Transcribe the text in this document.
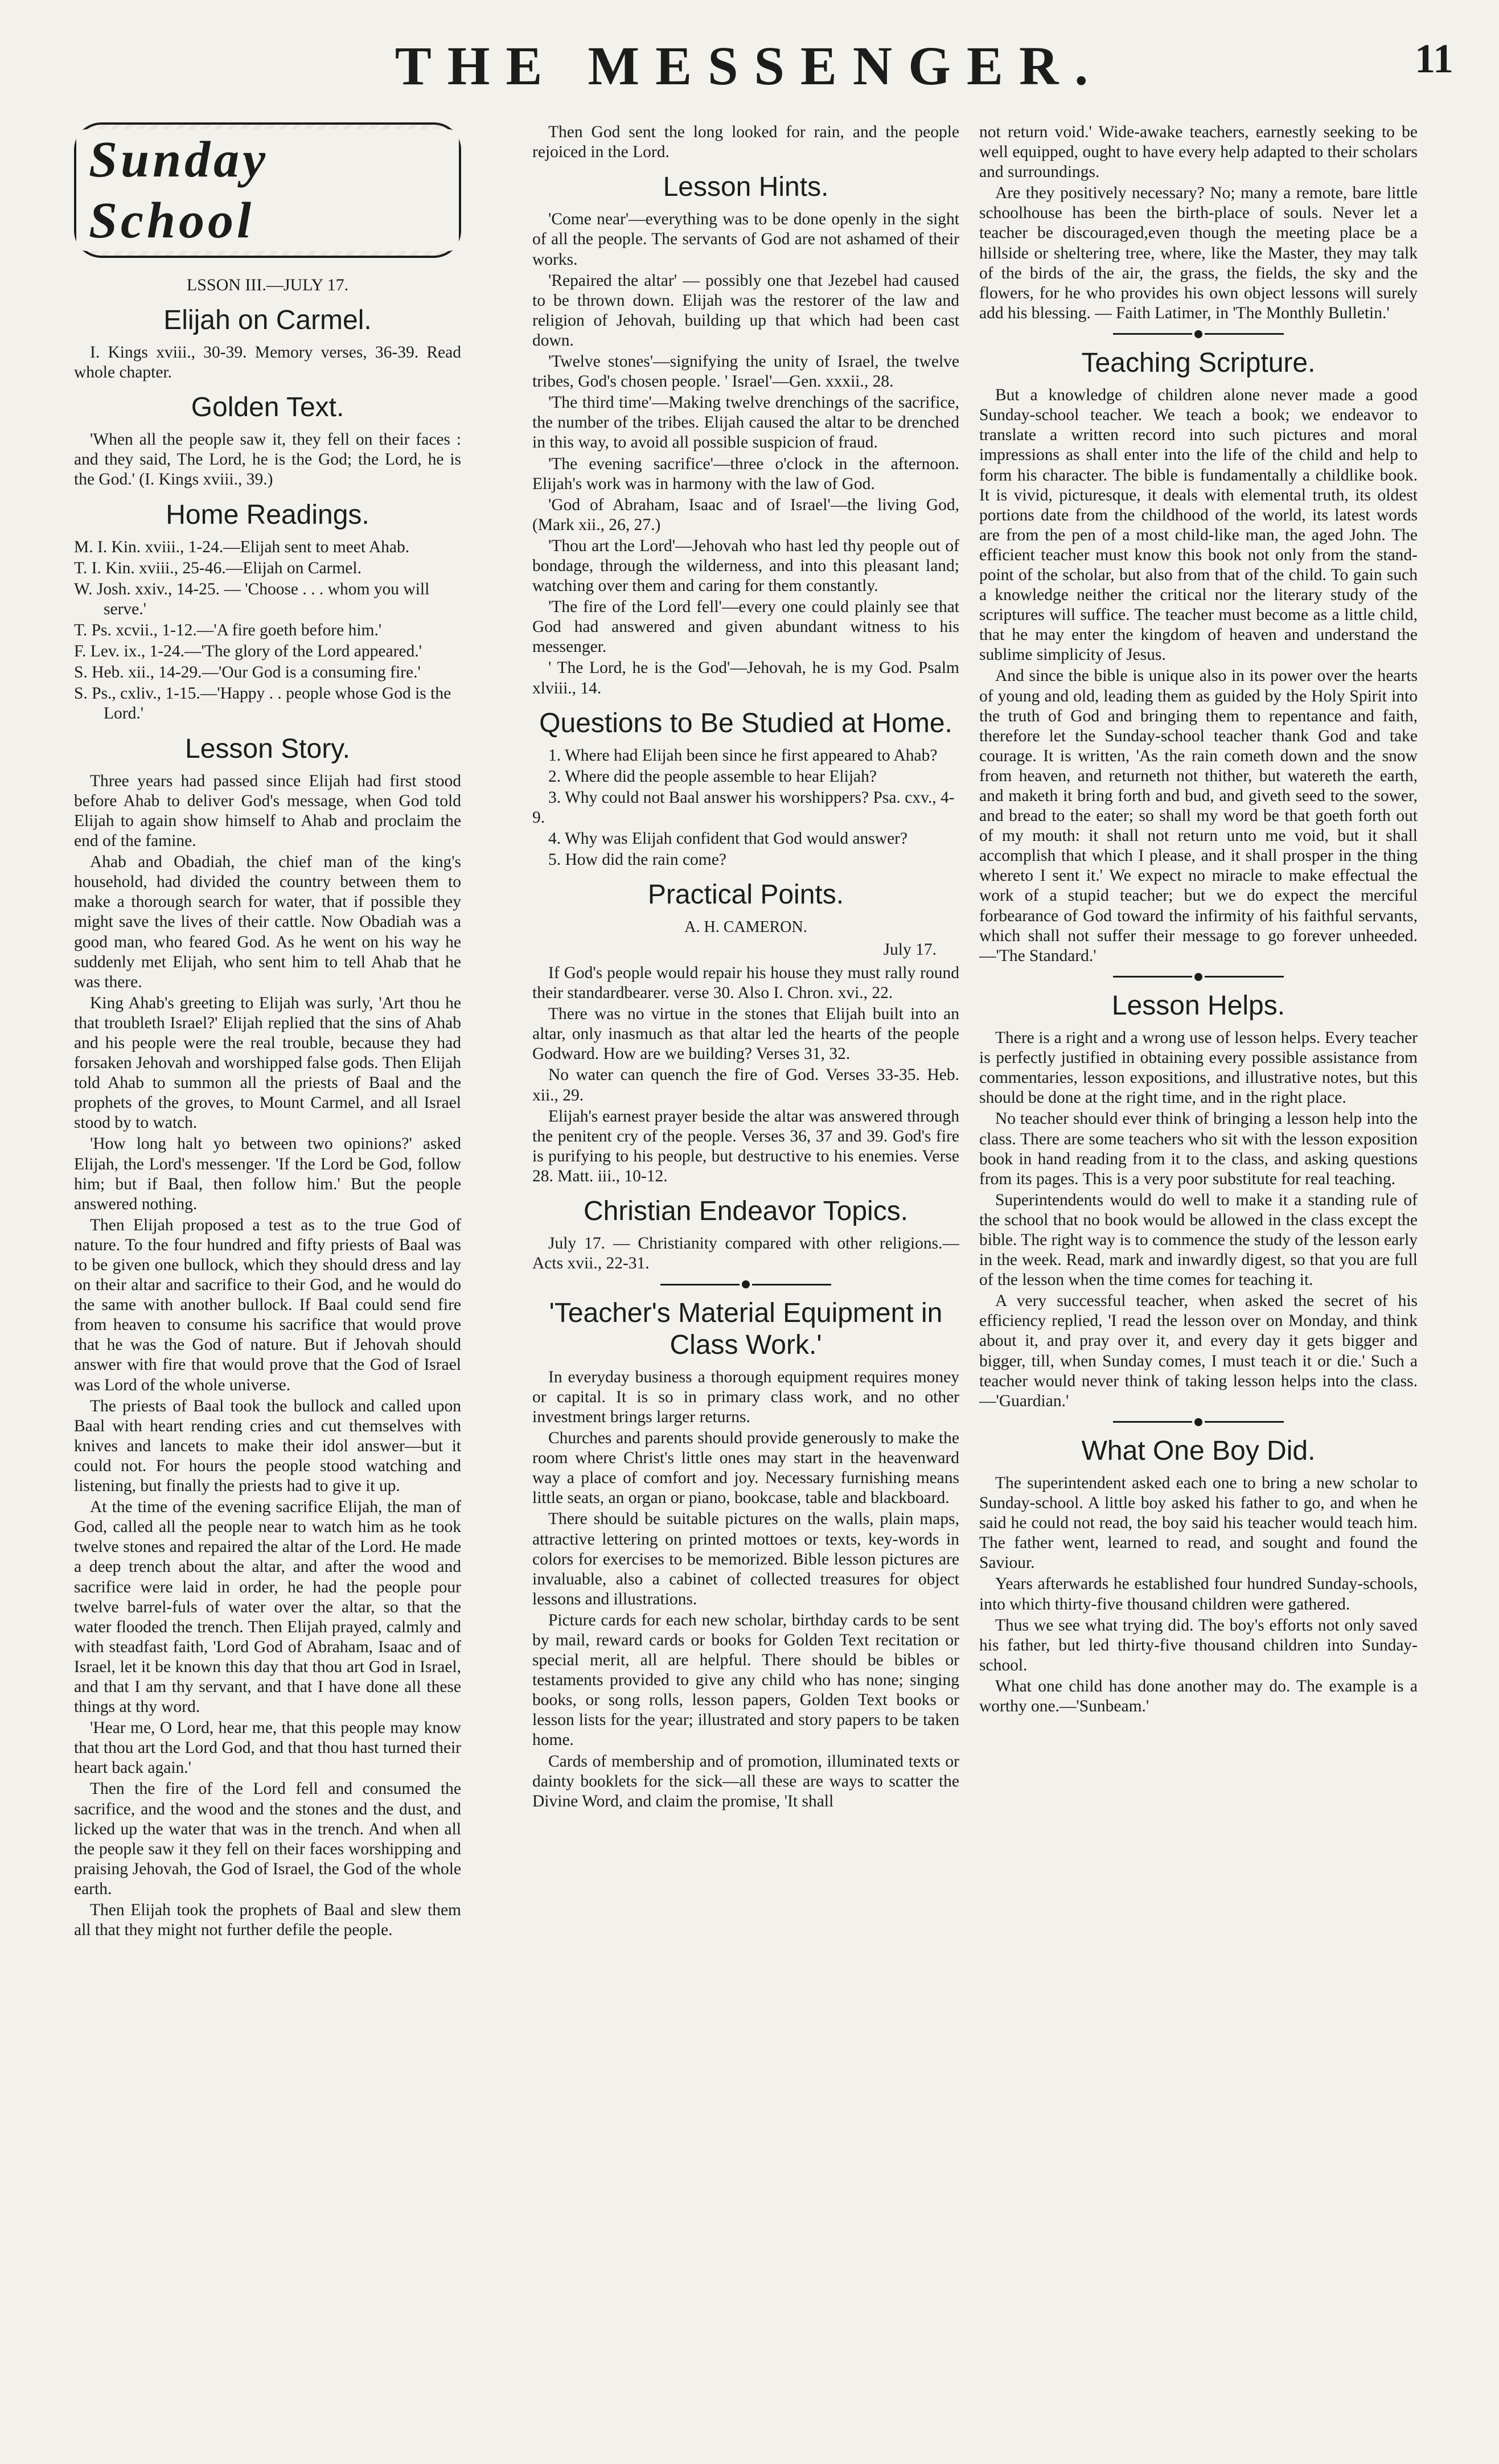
THE MESSENGER.	11
Sunday School
LSSON III.—JULY 17.
Elijah on Carmel.

I. Kings xviii., 30-39. Memory verses, 36-39. Read whole chapter.

Golden Text.

'When all the people saw it, they fell on their faces : and they said, The Lord, he is the God; the Lord, he is the God.' (I. Kings xviii., 39.)

Home Readings.
M. I. Kin. xviii., 1-24.—Elijah sent to meet Ahab.
T. I. Kin. xviii., 25-46.—Elijah on Carmel.
W. Josh. xxiv., 14-25. — 'Choose . . . whom you will serve.'
T. Ps. xcvii., 1-12.—'A fire goeth before him.'
F. Lev. ix., 1-24.—'The glory of the Lord appeared.'
S. Heb. xii., 14-29.—'Our God is a consuming fire.'
S. Ps., cxliv., 1-15.—'Happy . . people whose God is the Lord.'
Lesson Story.

Three years had passed since Elijah had first stood before Ahab to deliver God's message, when God told Elijah to again show himself to Ahab and proclaim the end of the famine.

Ahab and Obadiah, the chief man of the king's household, had divided the country between them to make a thorough search for water, that if possible they might save the lives of their cattle. Now Obadiah was a good man, who feared God. As he went on his way he suddenly met Elijah, who sent him to tell Ahab that he was there.

King Ahab's greeting to Elijah was surly, 'Art thou he that troubleth Israel?' Elijah replied that the sins of Ahab and his people were the real trouble, because they had forsaken Jehovah and worshipped false gods. Then Elijah told Ahab to summon all the priests of Baal and the prophets of the groves, to Mount Carmel, and all Israel stood by to watch.

'How long halt yo between two opinions?' asked Elijah, the Lord's messenger. 'If the Lord be God, follow him; but if Baal, then follow him.' But the people answered nothing.

Then Elijah proposed a test as to the true God of nature. To the four hundred and fifty priests of Baal was to be given one bullock, which they should dress and lay on their altar and sacrifice to their God, and he would do the same with another bullock. If Baal could send fire from heaven to consume his sacrifice that would prove that he was the God of nature. But if Jehovah should answer with fire that would prove that the God of Israel was Lord of the whole universe.

The priests of Baal took the bullock and called upon Baal with heart rending cries and cut themselves with knives and lancets to make their idol answer—but it could not. For hours the people stood watching and listening, but finally the priests had to give it up.

At the time of the evening sacrifice Elijah, the man of God, called all the people near to watch him as he took twelve stones and repaired the altar of the Lord. He made a deep trench about the altar, and after the wood and sacrifice were laid in order, he had the people pour twelve barrel-fuls of water over the altar, so that the water flooded the trench. Then Elijah prayed, calmly and with steadfast faith, 'Lord God of Abraham, Isaac and of Israel, let it be known this day that thou art God in Israel, and that I am thy servant, and that I have done all these things at thy word.

'Hear me, O Lord, hear me, that this people may know that thou art the Lord God, and that thou hast turned their heart back again.'

Then the fire of the Lord fell and consumed the sacrifice, and the wood and the stones and the dust, and licked up the water that was in the trench. And when all the people saw it they fell on their faces worshipping and praising Jehovah, the God of Israel, the God of the whole earth.

Then Elijah took the prophets of Baal and slew them all that they might not further defile the people.

Then God sent the long looked for rain, and the people rejoiced in the Lord.

Lesson Hints.

'Come near'—everything was to be done openly in the sight of all the people. The servants of God are not ashamed of their works.

'Repaired the altar' — possibly one that Jezebel had caused to be thrown down. Elijah was the restorer of the law and religion of Jehovah, building up that which had been cast down.

'Twelve stones'—signifying the unity of Israel, the twelve tribes, God's chosen people. ' Israel'—Gen. xxxii., 28.

'The third time'—Making twelve drenchings of the sacrifice, the number of the tribes. Elijah caused the altar to be drenched in this way, to avoid all possible suspicion of fraud.

'The evening sacrifice'—three o'clock in the afternoon. Elijah's work was in harmony with the law of God.

'God of Abraham, Isaac and of Israel'—the living God, (Mark xii., 26, 27.)

'Thou art the Lord'—Jehovah who hast led thy people out of bondage, through the wilderness, and into this pleasant land; watching over them and caring for them constantly.

'The fire of the Lord fell'—every one could plainly see that God had answered and given abundant witness to his messenger.

' The Lord, he is the God'—Jehovah, he is my God. Psalm xlviii., 14.

Questions to Be Studied at Home.
1. Where had Elijah been since he first appeared to Ahab?
2. Where did the people assemble to hear Elijah?
3. Why could not Baal answer his worshippers? Psa. cxv., 4-9.
4. Why was Elijah confident that God would answer?
5. How did the rain come?
Practical Points.
A. H. CAMERON.
July 17.

If God's people would repair his house they must rally round their standardbearer. verse 30. Also I. Chron. xvi., 22.

There was no virtue in the stones that Elijah built into an altar, only inasmuch as that altar led the hearts of the people Godward. How are we building? Verses 31, 32.

No water can quench the fire of God. Verses 33-35. Heb. xii., 29.

Elijah's earnest prayer beside the altar was answered through the penitent cry of the people. Verses 36, 37 and 39. God's fire is purifying to his people, but destructive to his enemies. Verse 28. Matt. iii., 10-12.

Christian Endeavor Topics.

July 17. — Christianity compared with other religions.—Acts xvii., 22-31.

'Teacher's Material Equipment in Class Work.'

In everyday business a thorough equipment requires money or capital. It is so in primary class work, and no other investment brings larger returns.

Churches and parents should provide generously to make the room where Christ's little ones may start in the heavenward way a place of comfort and joy. Necessary furnishing means little seats, an organ or piano, bookcase, table and blackboard.

There should be suitable pictures on the walls, plain maps, attractive lettering on printed mottoes or texts, key-words in colors for exercises to be memorized. Bible lesson pictures are invaluable, also a cabinet of collected treasures for object lessons and illustrations.

Picture cards for each new scholar, birthday cards to be sent by mail, reward cards or books for Golden Text recitation or special merit, all are helpful. There should be bibles or testaments provided to give any child who has none; singing books, or song rolls, lesson papers, Golden Text books or lesson lists for the year; illustrated and story papers to be taken home.

Cards of membership and of promotion, illuminated texts or dainty booklets for the sick—all these are ways to scatter the Divine Word, and claim the promise, 'It shall

not return void.' Wide-awake teachers, earnestly seeking to be well equipped, ought to have every help adapted to their scholars and surroundings.

Are they positively necessary? No; many a remote, bare little schoolhouse has been the birth-place of souls. Never let a teacher be discouraged,even though the meeting place be a hillside or sheltering tree, where, like the Master, they may talk of the birds of the air, the grass, the fields, the sky and the flowers, for he who provides his own object lessons will surely add his blessing. — Faith Latimer, in 'The Monthly Bulletin.'

Teaching Scripture.

But a knowledge of children alone never made a good Sunday-school teacher. We teach a book; we endeavor to translate a written record into such pictures and moral impressions as shall enter into the life of the child and help to form his character. The bible is fundamentally a childlike book. It is vivid, picturesque, it deals with elemental truth, its oldest portions date from the childhood of the world, its latest words are from the pen of a most child-like man, the aged John. The efficient teacher must know this book not only from the stand-point of the scholar, but also from that of the child. To gain such a knowledge neither the critical nor the literary study of the scriptures will suffice. The teacher must become as a little child, that he may enter the kingdom of heaven and understand the sublime simplicity of Jesus.

And since the bible is unique also in its power over the hearts of young and old, leading them as guided by the Holy Spirit into the truth of God and bringing them to repentance and faith, therefore let the Sunday-school teacher thank God and take courage. It is written, 'As the rain cometh down and the snow from heaven, and returneth not thither, but watereth the earth, and maketh it bring forth and bud, and giveth seed to the sower, and bread to the eater; so shall my word be that goeth forth out of my mouth: it shall not return unto me void, but it shall accomplish that which I please, and it shall prosper in the thing whereto I sent it.' We expect no miracle to make effectual the work of a stupid teacher; but we do expect the merciful forbearance of God toward the infirmity of his faithful servants, which shall not suffer their message to go forever unheeded.—'The Standard.'

Lesson Helps.

There is a right and a wrong use of lesson helps. Every teacher is perfectly justified in obtaining every possible assistance from commentaries, lesson expositions, and illustrative notes, but this should be done at the right time, and in the right place.

No teacher should ever think of bringing a lesson help into the class. There are some teachers who sit with the lesson exposition book in hand reading from it to the class, and asking questions from its pages. This is a very poor substitute for real teaching.

Superintendents would do well to make it a standing rule of the school that no book would be allowed in the class except the bible. The right way is to commence the study of the lesson early in the week. Read, mark and inwardly digest, so that you are full of the lesson when the time comes for teaching it.

A very successful teacher, when asked the secret of his efficiency replied, 'I read the lesson over on Monday, and think about it, and pray over it, and every day it gets bigger and bigger, till, when Sunday comes, I must teach it or die.' Such a teacher would never think of taking lesson helps into the class.—'Guardian.'

What One Boy Did.

The superintendent asked each one to bring a new scholar to Sunday-school. A little boy asked his father to go, and when he said he could not read, the boy said his teacher would teach him. The father went, learned to read, and sought and found the Saviour.

Years afterwards he established four hundred Sunday-schools, into which thirty-five thousand children were gathered.

Thus we see what trying did. The boy's efforts not only saved his father, but led thirty-five thousand children into Sunday-school.

What one child has done another may do. The example is a worthy one.—'Sunbeam.'
